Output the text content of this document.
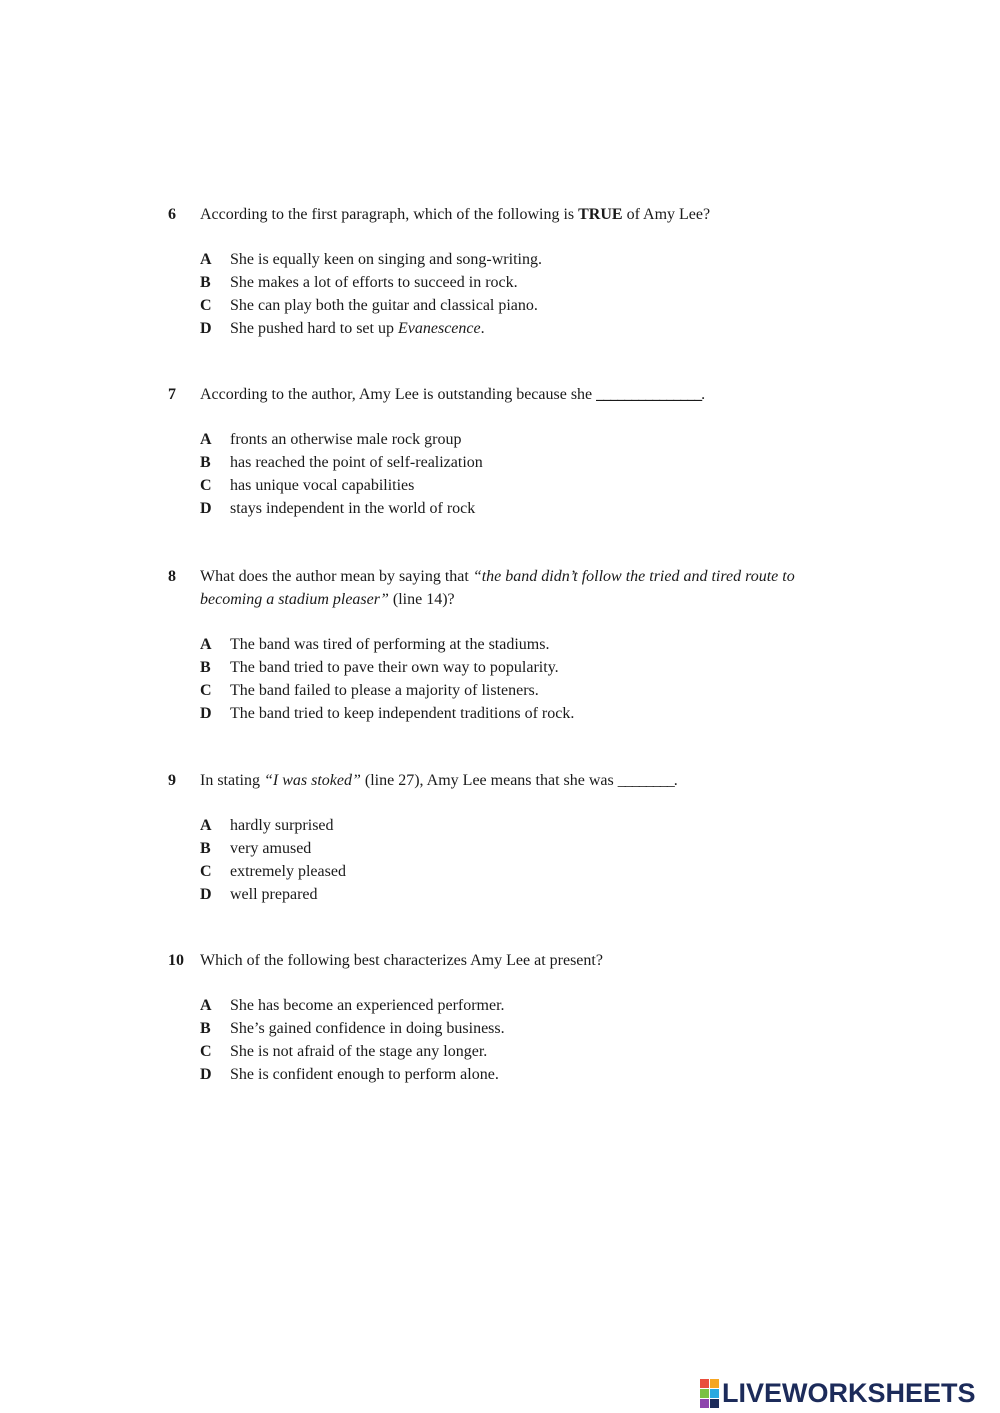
6	According to the first paragraph, which of the following is TRUE of Amy Lee?
A	She is equally keen on singing and song-writing.
B	She makes a lot of efforts to succeed in rock.
C	She can play both the guitar and classical piano.
D	She pushed hard to set up Evanescence.
7	According to the author, Amy Lee is outstanding because she _______________.
A	fronts an otherwise male rock group
B	has reached the point of self-realization
C	has unique vocal capabilities
D	stays independent in the world of rock
8	What does the author mean by saying that “the band didn’t follow the tried and tired route to becoming a stadium pleaser” (line 14)?
A	The band was tired of performing at the stadiums.
B	The band tried to pave their own way to popularity.
C	The band failed to please a majority of listeners.
D	The band tried to keep independent traditions of rock.
9	In stating “I was stoked” (line 27), Amy Lee means that she was ________.
A	hardly surprised
B	very amused
C	extremely pleased
D	well prepared
10	Which of the following best characterizes Amy Lee at present?
A	She has become an experienced performer.
B	She’s gained confidence in doing business.
C	She is not afraid of the stage any longer.
D	She is confident enough to perform alone.
LIVEWORKSHEETS
